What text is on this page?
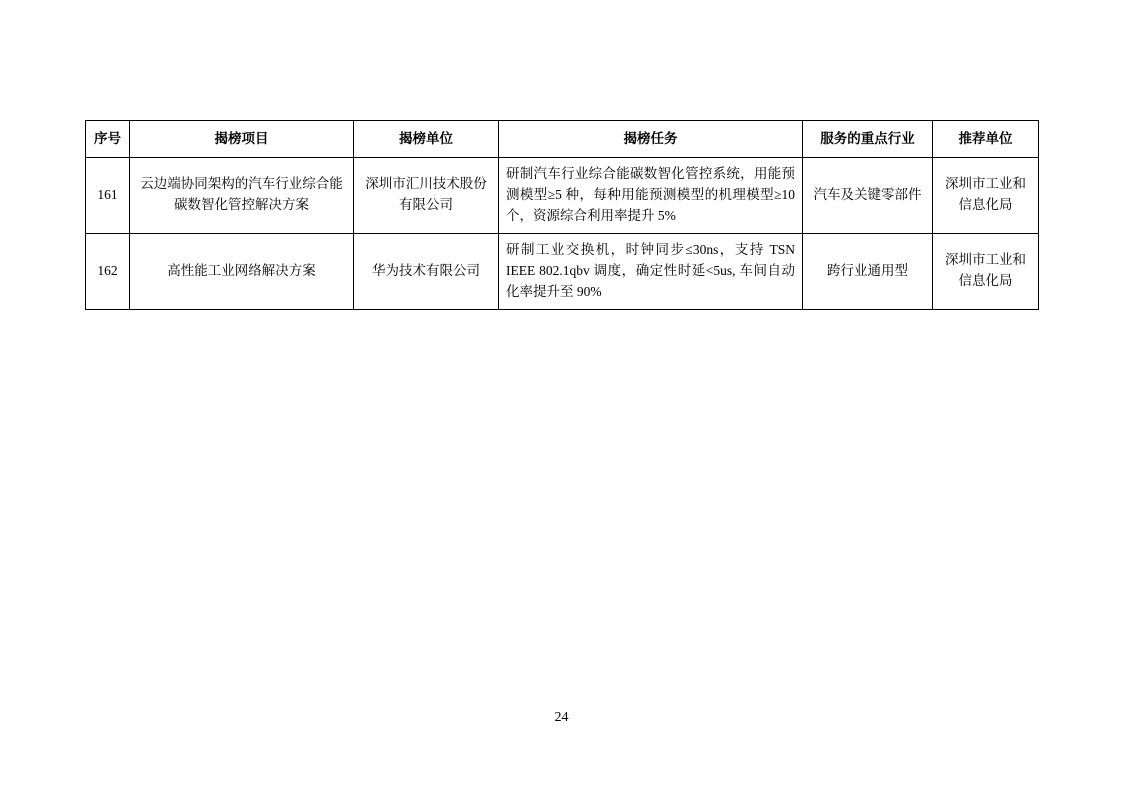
序号	揭榜项目	揭榜单位	揭榜任务	服务的重点行业	推荐单位
161	云边端协同架构的汽车行业综合能碳数智化管控解决方案	深圳市汇川技术股份有限公司	研制汽车行业综合能碳数智化管控系统，用能预测模型≥5 种，每种用能预测模型的机理模型≥10 个，资源综合利用率提升 5%	汽车及关键零部件	深圳市工业和信息化局
162	高性能工业网络解决方案	华为技术有限公司	研制工业交换机，时钟同步≤30ns，支持 TSN IEEE 802.1qbv 调度，确定性时延<5us, 车间自动化率提升至 90%	跨行业通用型	深圳市工业和信息化局
24
